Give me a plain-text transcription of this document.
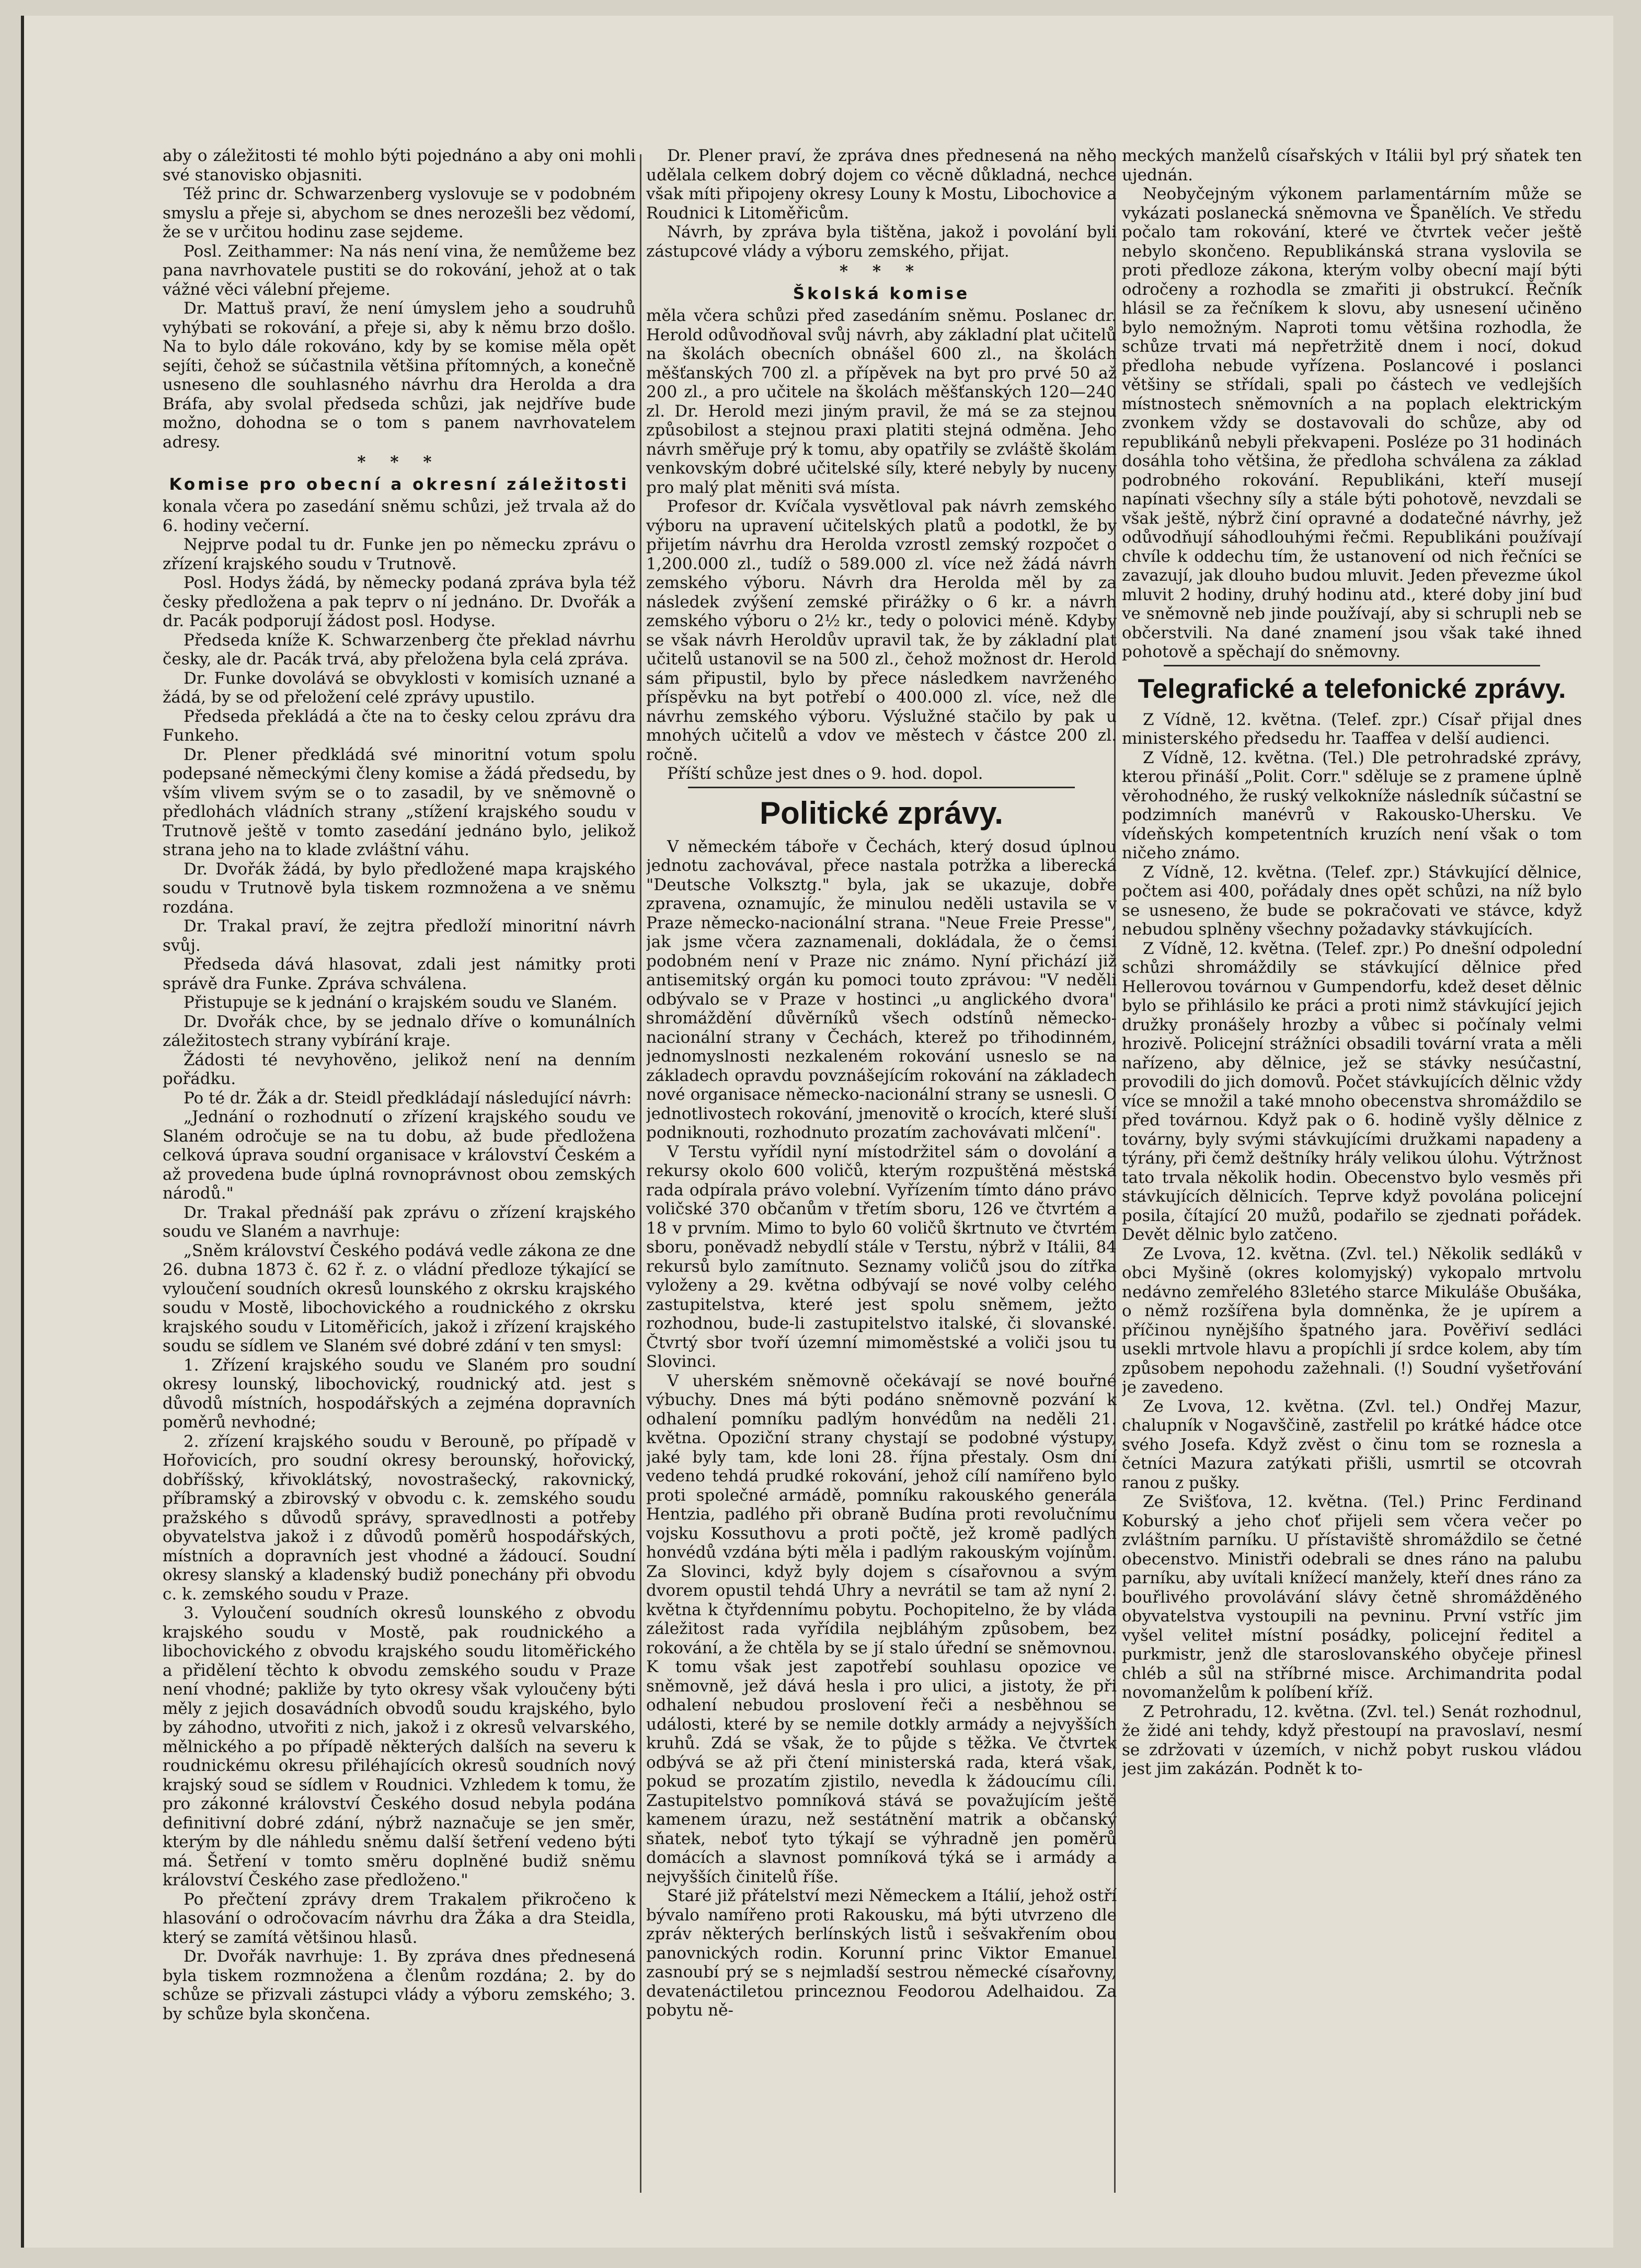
aby o záležitosti té mohlo býti pojednáno a aby oni mohli své stanovisko objasniti.

Též princ dr. Schwarzenberg vyslovuje se v podobném smyslu a přeje si, abychom se dnes nerozešli bez vědomí, že se v určitou hodinu zase sejdeme.

Posl. Zeithammer: Na nás není vina, že nemůžeme bez pana navrhovatele pustiti se do rokování, jehož at o tak vážné věci válební přejeme.

Dr. Mattuš praví, že není úmyslem jeho a soudruhů vyhýbati se rokování, a přeje si, aby k němu brzo došlo. Na to bylo dále rokováno, kdy by se komise měla opět sejíti, čehož se súčastnila většina přítomných, a konečně usneseno dle souhlasného návrhu dra Herolda a dra Bráfa, aby svolal předseda schůzi, jak nejdříve bude možno, dohodna se o tom s panem navrhovatelem adresy.

* * *
Komise pro obecní a okresní záležitosti

konala včera po zasedání sněmu schůzi, jež trvala až do 6. hodiny večerní.

Nejprve podal tu dr. Funke jen po německu zprávu o zřízení krajského soudu v Trutnově.

Posl. Hodys žádá, by německy podaná zpráva byla též česky předložena a pak teprv o ní jednáno. Dr. Dvořák a dr. Pacák podporují žádost posl. Hodyse.

Předseda kníže K. Schwarzenberg čte překlad návrhu česky, ale dr. Pacák trvá, aby přeložena byla celá zpráva.

Dr. Funke dovolává se obvyklosti v komisích uznané a žádá, by se od přeložení celé zprávy upustilo.

Předseda překládá a čte na to česky celou zprávu dra Funkeho.

Dr. Plener předkládá své minoritní votum spolu podepsané německými členy komise a žádá předsedu, by vším vlivem svým se o to zasadil, by ve sněmovně o předlohách vládních strany „stížení krajského soudu v Trutnově ještě v tomto zasedání jednáno bylo, jelikož strana jeho na to klade zvláštní váhu.

Dr. Dvořák žádá, by bylo předložené mapa krajského soudu v Trutnově byla tiskem rozmnožena a ve sněmu rozdána.

Dr. Trakal praví, že zejtra předloží minoritní návrh svůj.

Předseda dává hlasovat, zdali jest námitky proti správě dra Funke. Zpráva schválena.

Přistupuje se k jednání o krajském soudu ve Slaném.

Dr. Dvořák chce, by se jednalo dříve o komunálních záležitostech strany vybírání kraje.

Žádosti té nevyhověno, jelikož není na denním pořádku.

Po té dr. Žák a dr. Steidl předkládají následující návrh:

„Jednání o rozhodnutí o zřízení krajského soudu ve Slaném odročuje se na tu dobu, až bude předložena celková úprava soudní organisace v království Českém a až provedena bude úplná rovnoprávnost obou zemských národů."

Dr. Trakal přednáší pak zprávu o zřízení krajského soudu ve Slaném a navrhuje:

„Sněm království Českého podává vedle zákona ze dne 26. dubna 1873 č. 62 ř. z. o vládní předloze týkající se vyloučení soudních okresů lounského z okrsku krajského soudu v Mostě, libochovického a roudnického z okrsku krajského soudu v Litoměřicích, jakož i zřízení krajského soudu se sídlem ve Slaném své dobré zdání v ten smysl:

1. Zřízení krajského soudu ve Slaném pro soudní okresy lounský, libochovický, roudnický atd. jest s důvodů místních, hospodářských a zejména dopravních poměrů nevhodné;

2. zřízení krajského soudu v Berouně, po případě v Hořovicích, pro soudní okresy berounský, hořovický, dobříšský, křivoklátský, novostrašecký, rakovnický, příbramský a zbirovský v obvodu c. k. zemského soudu pražského s důvodů správy, spravedlnosti a potřeby obyvatelstva jakož i z důvodů poměrů hospodářských, místních a dopravních jest vhodné a žádoucí. Soudní okresy slanský a kladenský budiž ponechány při obvodu c. k. zemského soudu v Praze.

3. Vyloučení soudních okresů lounského z obvodu krajského soudu v Mostě, pak roudnického a libochovického z obvodu krajského soudu litoměřického a přidělení těchto k obvodu zemského soudu v Praze není vhodné; pakliže by tyto okresy však vyloučeny býti měly z jejich dosavádních obvodů soudu krajského, bylo by záhodno, utvořiti z nich, jakož i z okresů velvarského, mělnického a po případě některých dalších na severu k roudnickému okresu přiléhajících okresů soudních nový krajský soud se sídlem v Roudnici. Vzhledem k tomu, že pro zákonné království Českého dosud nebyla podána definitivní dobré zdání, nýbrž naznačuje se jen směr, kterým by dle náhledu sněmu další šetření vedeno býti má. Šetření v tomto směru doplněné budiž sněmu království Českého zase předloženo."

Po přečtení zprávy drem Trakalem přikročeno k hlasování o odročovacím návrhu dra Žáka a dra Steidla, který se zamítá většinou hlasů.

Dr. Dvořák navrhuje: 1. By zpráva dnes přednesená byla tiskem rozmnožena a členům rozdána; 2. by do schůze se přizvali zástupci vlády a výboru zemského; 3. by schůze byla skončena.

Dr. Plener praví, že zpráva dnes přednesená na něho udělala celkem dobrý dojem co věcně důkladná, nechce však míti připojeny okresy Louny k Mostu, Libochovice a Roudnici k Litoměřicům.

Návrh, by zpráva byla tištěna, jakož i povolání byli zástupcové vlády a výboru zemského, přijat.

* * *
Školská komise

měla včera schůzi před zasedáním sněmu. Poslanec dr. Herold odůvodňoval svůj návrh, aby základní plat učitelů na školách obecních obnášel 600 zl., na školách měšťanských 700 zl. a přípěvek na byt pro prvé 50 až 200 zl., a pro učitele na školách měšťanských 120—240 zl. Dr. Herold mezi jiným pravil, že má se za stejnou způsobilost a stejnou praxi platiti stejná odměna. Jeho návrh směřuje prý k tomu, aby opatřily se zvláště školám venkovským dobré učitelské síly, které nebyly by nuceny pro malý plat měniti svá místa.

Profesor dr. Kvíčala vysvětloval pak návrh zemského výboru na upravení učitelských platů a podotkl, že by přijetím návrhu dra Herolda vzrostl zemský rozpočet o 1,200.000 zl., tudíž o 589.000 zl. více než žádá návrh zemského výboru. Návrh dra Herolda měl by za následek zvýšení zemské přirážky o 6 kr. a návrh zemského výboru o 2½ kr., tedy o polovici méně. Kdyby se však návrh Heroldův upravil tak, že by základní plat učitelů ustanovil se na 500 zl., čehož možnost dr. Herold sám připustil, bylo by přece následkem navrženého příspěvku na byt potřebí o 400.000 zl. více, než dle návrhu zemského výboru. Výslužné stačilo by pak u mnohých učitelů a vdov ve městech v částce 200 zl. ročně.

Příští schůze jest dnes o 9. hod. dopol.

Politické zprávy.

V německém táboře v Čechách, který dosud úplnou jednotu zachovával, přece nastala potržka a liberecká "Deutsche Volksztg." byla, jak se ukazuje, dobře zpravena, oznamujíc, že minulou neděli ustavila se v Praze německo-nacionální strana. "Neue Freie Presse", jak jsme včera zaznamenali, dokládala, že o čemsi podobném není v Praze nic známo. Nyní přichází již antisemitský orgán ku pomoci touto zprávou: "V neděli odbývalo se v Praze v hostinci „u anglického dvora" shromáždění důvěrníků všech odstínů německo-nacionální strany v Čechách, kterež po třihodinném, jednomyslnosti nezkaleném rokování usneslo se na základech opravdu povznášejícím rokování na základech nové organisace německo-nacionální strany se usnesli. O jednotlivostech rokování, jmenovitě o krocích, které sluší podniknouti, rozhodnuto prozatím zachovávati mlčení".

V Terstu vyřídil nyní místodržitel sám o dovolání a rekursy okolo 600 voličů, kterým rozpuštěná městská rada odpírala právo volební. Vyřízením tímto dáno právo voličské 370 občanům v třetím sboru, 126 ve čtvrtém a 18 v prvním. Mimo to bylo 60 voličů škrtnuto ve čtvrtém sboru, poněvadž nebydlí stále v Terstu, nýbrž v Itálii, 84 rekursů bylo zamítnuto. Seznamy voličů jsou do zítřka vyloženy a 29. května odbývají se nové volby celého zastupitelstva, které jest spolu sněmem, ježto rozhodnou, bude-li zastupitelstvo italské, či slovanské. Čtvrtý sbor tvoří územní mimoměstské a voliči jsou tu Slovinci.

V uherském sněmovně očekávají se nové bouřné výbuchy. Dnes má býti podáno sněmovně pozvání k odhalení pomníku padlým honvédům na neděli 21. května. Opoziční strany chystají se podobné výstupy, jaké byly tam, kde loni 28. října přestaly. Osm dní vedeno tehdá prudké rokování, jehož cílí namířeno bylo proti společné armádě, pomníku rakouského generála Hentzia, padlého při obraně Budína proti revolučnímu vojsku Kossuthovu a proti počtě, jež kromě padlých honvédů vzdána býti měla i padlým rakouským vojínům. Za Slovinci, když byly dojem s císařovnou a svým dvorem opustil tehdá Uhry a nevrátil se tam až nyní 2. května k čtyřdennímu pobytu. Pochopitelno, že by vláda záležitost rada vyřídila nejbláhým způsobem, bez rokování, a že chtěla by se jí stalo úřední se sněmovnou. K tomu však jest zapotřebí souhlasu opozice ve sněmovně, jež dává hesla i pro ulici, a jistoty, že při odhalení nebudou proslovení řeči a nesběhnou se události, které by se nemile dotkly armády a nejvyšších kruhů. Zdá se však, že to půjde s těžka. Ve čtvrtek odbývá se až při čtení ministerská rada, která však, pokud se prozatím zjistilo, nevedla k žádoucímu cíli. Zastupitelstvo pomníková stává se považujícím ještě kamenem úrazu, než sestátnění matrik a občanský sňatek, neboť tyto týkají se výhradně jen poměrů domácích a slavnost pomníková týká se i armády a nejvyšších činitelů říše.

Staré již přátelství mezi Německem a Itálií, jehož ostří bývalo namířeno proti Rakousku, má býti utvrzeno dle zpráv některých berlínských listů i sešvakřením obou panovnických rodin. Korunní princ Viktor Emanuel zasnoubí prý se s nejmladší sestrou německé císařovny, devatenáctiletou princeznou Feodorou Adelhaidou. Za pobytu ně-

meckých manželů císařských v Itálii byl prý sňatek ten ujednán.

Neobyčejným výkonem parlamentárním může se vykázati poslanecká sněmovna ve Španělích. Ve středu počalo tam rokování, které ve čtvrtek večer ještě nebylo skončeno. Republikánská strana vyslovila se proti předloze zákona, kterým volby obecní mají býti odročeny a rozhodla se zmařiti ji obstrukcí. Řečník hlásil se za řečníkem k slovu, aby usnesení učiněno bylo nemožným. Naproti tomu většina rozhodla, že schůze trvati má nepřetržitě dnem i nocí, dokud předloha nebude vyřízena. Poslancové i poslanci většiny se střídali, spali po částech ve vedlejších místnostech sněmovních a na poplach elektrickým zvonkem vždy se dostavovali do schůze, aby od republikánů nebyli překvapeni. Posléze po 31 hodinách dosáhla toho většina, že předloha schválena za základ podrobného rokování. Republikáni, kteří musejí napínati všechny síly a stále býti pohotově, nevzdali se však ještě, nýbrž činí opravné a dodatečné návrhy, jež odůvodňují sáhodlouhými řečmi. Republikáni používají chvíle k oddechu tím, že ustanovení od nich řečníci se zavazují, jak dlouho budou mluvit. Jeden převezme úkol mluvit 2 hodiny, druhý hodinu atd., které doby jiní buď ve sněmovně neb jinde používají, aby si schrupli neb se občerstvili. Na dané znamení jsou však také ihned pohotově a spěchají do sněmovny.

Telegrafické a telefonické zprávy.

Z Vídně, 12. května. (Telef. zpr.) Císař přijal dnes ministerského předsedu hr. Taaffea v delší audienci.

Z Vídně, 12. května. (Tel.) Dle petrohradské zprávy, kterou přináší „Polit. Corr." sděluje se z pramene úplně věrohodného, že ruský velkokníže následník súčastní se podzimních manévrů v Rakousko-Uhersku. Ve vídeňských kompetentních kruzích není však o tom ničeho známo.

Z Vídně, 12. května. (Telef. zpr.) Stávkující dělnice, počtem asi 400, pořádaly dnes opět schůzi, na níž bylo se usneseno, že bude se pokračovati ve stávce, když nebudou splněny všechny požadavky stávkujících.

Z Vídně, 12. května. (Telef. zpr.) Po dnešní odpolední schůzi shromáždily se stávkující dělnice před Hellerovou továrnou v Gumpendorfu, kdež deset dělnic bylo se přihlásilo ke práci a proti nimž stávkující jejich družky pronášely hrozby a vůbec si počínaly velmi hrozivě. Policejní strážníci obsadili tovární vrata a měli nařízeno, aby dělnice, jež se stávky nesúčastní, provodili do jich domovů. Počet stávkujících dělnic vždy více se množil a také mnoho obecenstva shromáždilo se před továrnou. Když pak o 6. hodině vyšly dělnice z továrny, byly svými stávkujícími družkami napadeny a týrány, při čemž deštníky hrály velikou úlohu. Výtržnost tato trvala několik hodin. Obecenstvo bylo vesměs při stávkujících dělnicích. Teprve když povolána policejní posila, čítající 20 mužů, podařilo se zjednati pořádek. Devět dělnic bylo zatčeno.

Ze Lvova, 12. května. (Zvl. tel.) Několik sedláků v obci Myšině (okres kolomyjský) vykopalo mrtvolu nedávno zemřelého 83letého starce Mikuláše Obušáka, o němž rozšířena byla domněnka, že je upírem a příčinou nynějšího špatného jara. Pověřiví sedláci usekli mrtvole hlavu a propíchli jí srdce kolem, aby tím způsobem nepohodu zažehnali. (!) Soudní vyšetřování je zavedeno.

Ze Lvova, 12. května. (Zvl. tel.) Ondřej Mazur, chalupník v Nogavščině, zastřelil po krátké hádce otce svého Josefa. Když zvěst o činu tom se roznesla a četníci Mazura zatýkati přišli, usmrtil se otcovrah ranou z pušky.

Ze Svišťova, 12. května. (Tel.) Princ Ferdinand Koburský a jeho choť přijeli sem včera večer po zvláštním parníku. U přístaviště shromáždilo se četné obecenstvo. Ministři odebrali se dnes ráno na palubu parníku, aby uvítali knížecí manžely, kteří dnes ráno za bouřlivého provolávání slávy četně shromážděného obyvatelstva vystoupili na pevninu. První vstříc jim vyšel veliteł místní posádky, policejní ředitel a purkmistr, jenž dle staroslovanského obyčeje přinesl chléb a sůl na stříbrné misce. Archimandrita podal novomanželům k políbení kříž.

Z Petrohradu, 12. května. (Zvl. tel.) Senát rozhodnul, že židé ani tehdy, když přestoupí na pravoslaví, nesmí se zdržovati v územích, v nichž pobyt ruskou vládou jest jim zakázán. Podnět k to-
